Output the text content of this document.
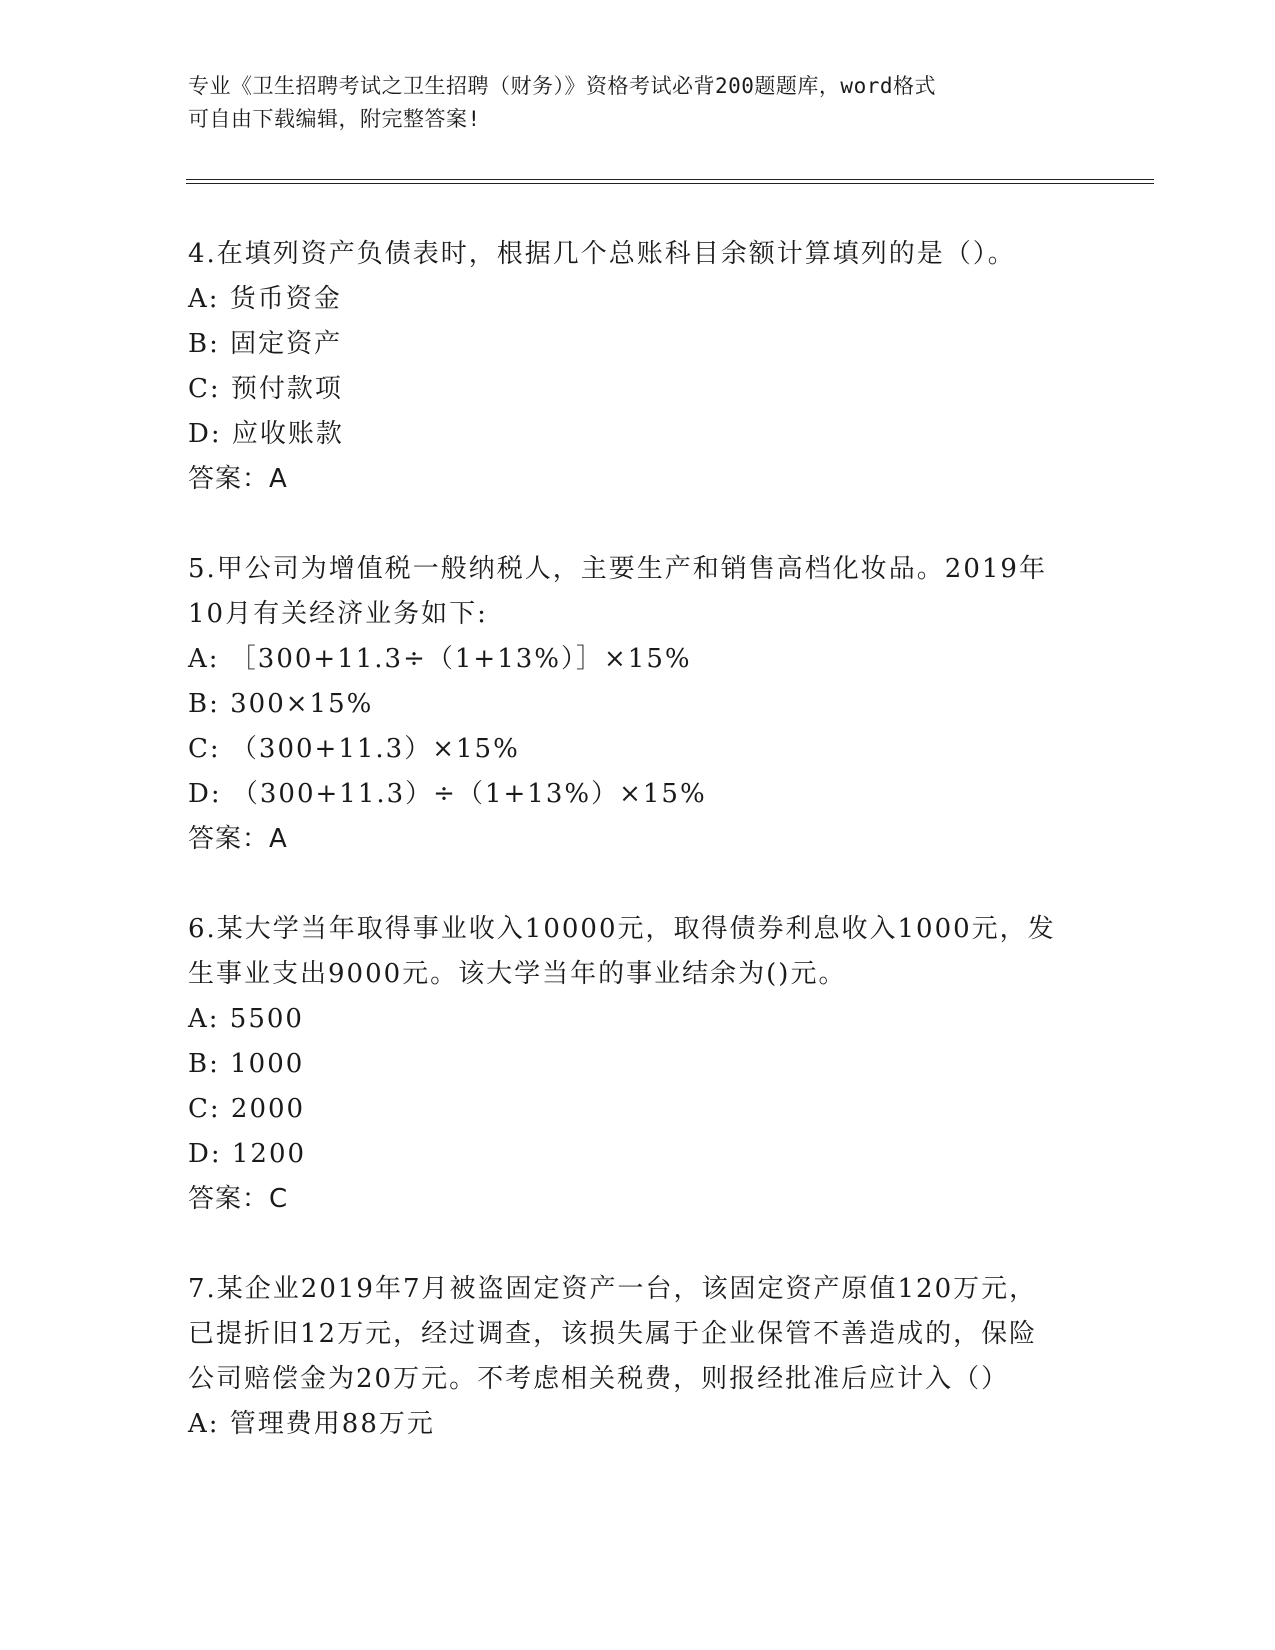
专业《卫生招聘考试之卫生招聘（财务）》资格考试必背200题题库，word格式
可自由下载编辑，附完整答案!

4.在填列资产负债表时，根据几个总账科目余额计算填列的是（）。

A: 货币资金

B: 固定资产

C: 预付款项

D: 应收账款

答案：A

5.甲公司为增值税一般纳税人，主要生产和销售高档化妆品。2019年

10月有关经济业务如下:

A: ［300+11.3÷（1+13%）］×15%

B: 300×15%

C: （300+11.3）×15%

D: （300+11.3）÷（1+13%）×15%

答案：A

6.某大学当年取得事业收入10000元，取得债券利息收入1000元，发

生事业支出9000元。该大学当年的事业结余为()元。

A: 5500

B: 1000

C: 2000

D: 1200

答案：C

7.某企业2019年7月被盗固定资产一台，该固定资产原值120万元，

已提折旧12万元，经过调查，该损失属于企业保管不善造成的，保险

公司赔偿金为20万元。不考虑相关税费，则报经批准后应计入（）

A: 管理费用88万元
